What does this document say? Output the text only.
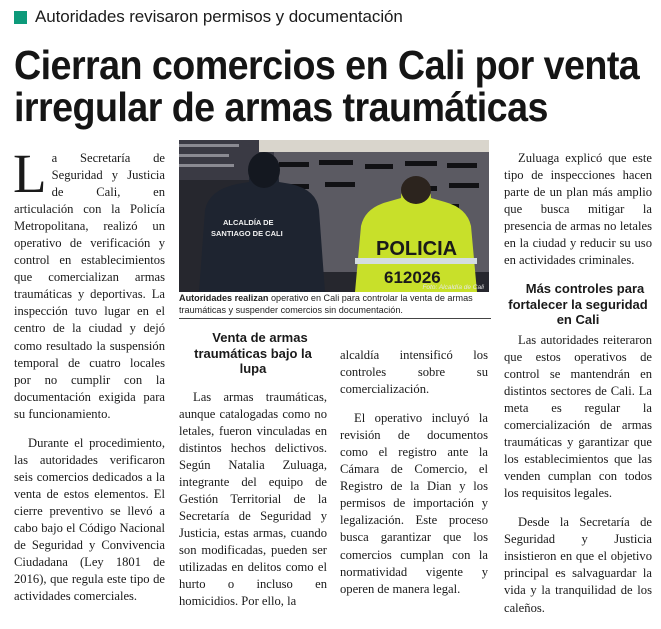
Autoridades revisaron permisos y documentación
Cierran comercios en Cali por venta
irregular de armas traumáticas

La Secretaría de Seguridad y Justicia de Cali, en articulación con la Policía Metropolitana, realizó un operativo de verificación y control en establecimientos que comercializan armas traumáticas y deportivas. La inspección tuvo lugar en el centro de la ciudad y dejó como resultado la suspensión temporal de cuatro locales por no cumplir con la documentación exigida para su funcionamiento.

Durante el procedimiento, las autoridades verificaron seis comercios dedicados a la venta de estos elementos. El cierre preventivo se llevó a cabo bajo el Código Nacional de Seguridad y Convivencia Ciudadana (Ley 1801 de 2016), que regula este tipo de actividades comerciales.

ALCALDÍA DE
SANTIAGO DE CALI
POLICIA
612026
Foto: Alcaldía de Cali
Autoridades realizan operativo en Cali para controlar la venta de armas traumáticas y suspender comercios sin documentación.

Venta de armas traumáticas bajo la lupa

Las armas traumáticas, aunque catalogadas como no letales, fueron vinculadas en distintos hechos delictivos. Según Natalia Zuluaga, integrante del equipo de Gestión Territorial de la Secretaría de Seguridad y Justicia, estas armas, cuando son modificadas, pueden ser utilizadas en delitos como el hurto o incluso en homicidios. Por ello, la

alcaldía intensificó los controles sobre su comercialización.

El operativo incluyó la revisión de documentos como el registro ante la Cámara de Comercio, el Registro de la Dian y los permisos de importación y legalización. Este proceso busca garantizar que los comercios cumplan con la normatividad vigente y operen de manera legal.

Zuluaga explicó que este tipo de inspecciones hacen parte de un plan más amplio que busca mitigar la presencia de armas no letales en la ciudad y reducir su uso en actividades criminales.

Más controles para fortalecer la seguridad en Cali

Las autoridades reiteraron que estos operativos de control se mantendrán en distintos sectores de Cali. La meta es regular la comercialización de armas traumáticas y garantizar que los establecimientos que las venden cumplan con todos los requisitos legales.

Desde la Secretaría de Seguridad y Justicia insistieron en que el objetivo principal es salvaguardar la vida y la tranquilidad de los caleños.
